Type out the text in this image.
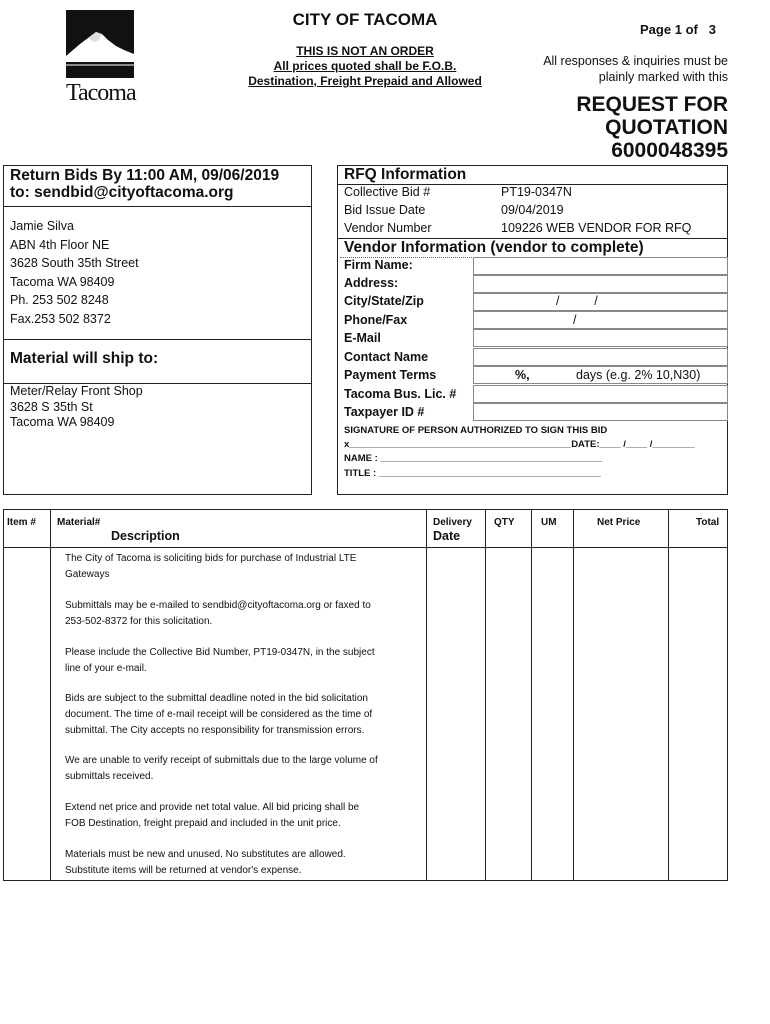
Tacoma
CITY OF TACOMA
THIS IS NOT AN ORDER
All prices quoted shall be F.O.B.
Destination, Freight Prepaid and Allowed
Page 1 of 3
All responses & inquiries must be
plainly marked with this
REQUEST FOR
QUOTATION
6000048395
Return Bids By 11:00 AM, 09/06/2019
to: sendbid@cityoftacoma.org
Jamie Silva
ABN 4th Floor NE
3628 South 35th Street
Tacoma WA 98409
Ph. 253 502 8248
Fax.253 502 8372
Material will ship to:
Meter/Relay Front Shop
3628 S 35th St
Tacoma WA 98409
RFQ Information
Collective Bid #	PT19-0347N
Bid Issue Date	09/04/2019
Vendor Number	109226 WEB VENDOR FOR RFQ
Vendor Information (vendor to complete)
Firm Name:
Address:
City/State/Zip	/          /
Phone/Fax	/
E-Mail
Contact Name
Payment Terms	%,	days (e.g. 2% 10,N30)
Tacoma Bus. Lic. #
Taxpayer ID #
SIGNATURE OF PERSON AUTHORIZED TO SIGN THIS BID
x__________________________________________DATE:____ /____ /________
NAME : __________________________________________
TITLE : __________________________________________
Item # Material#
Description
Delivery
Date
QTY	UM	Net Price	Total
The City of Tacoma is soliciting bids for purchase of Industrial LTE
Gateways
Submittals may be e-mailed to sendbid@cityoftacoma.org or faxed to
253-502-8372 for this solicitation.
Please include the Collective Bid Number, PT19-0347N, in the subject
line of your e-mail.
Bids are subject to the submittal deadline noted in the bid solicitation
document. The time of e-mail receipt will be considered as the time of
submittal. The City accepts no responsibility for transmission errors.
We are unable to verify receipt of submittals due to the large volume of
submittals received.
Extend net price and provide net total value. All bid pricing shall be
FOB Destination, freight prepaid and included in the unit price.
Materials must be new and unused. No substitutes are allowed.
Substitute items will be returned at vendor's expense.
